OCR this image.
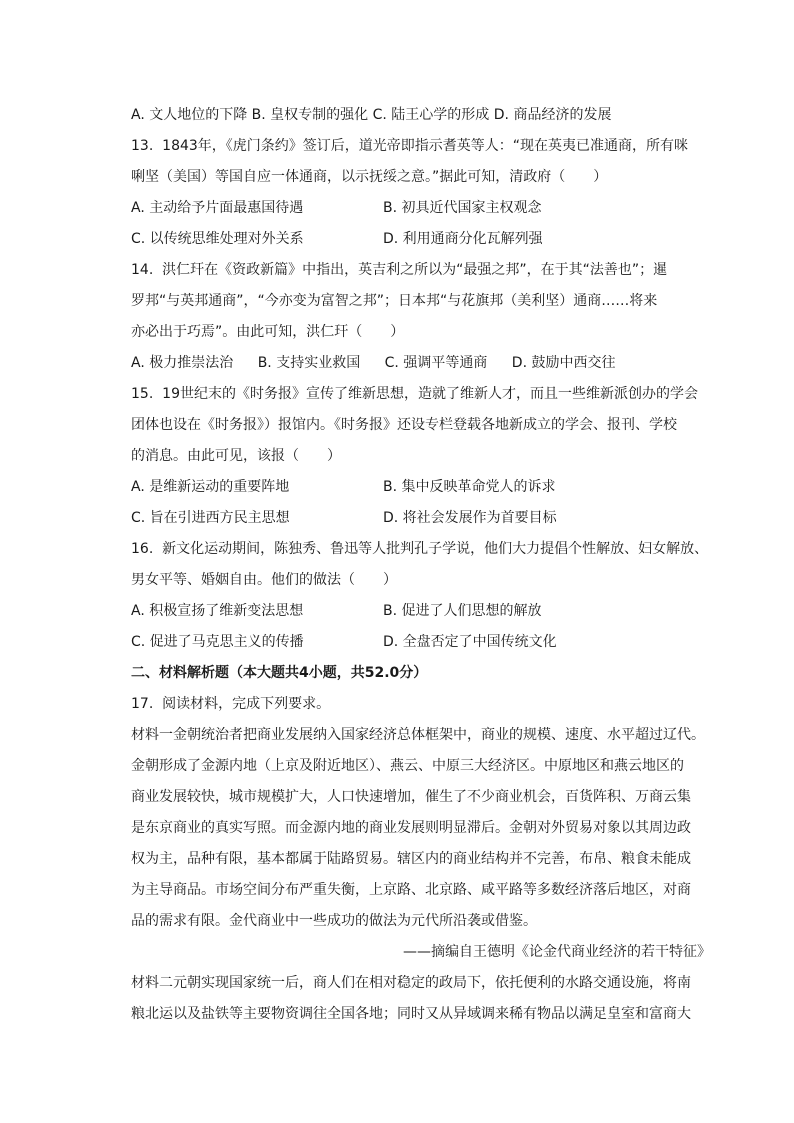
A. 文人地位的下降 B. 皇权专制的强化 C. 陆王心学的形成 D. 商品经济的发展
13.  1843年，《虎门条约》签订后，道光帝即指示耆英等人：“现在英夷已准通商，所有咪
唎坚（美国）等国自应一体通商，以示抚绥之意。”据此可知，清政府（　　）
A. 主动给予片面最惠国待遇	B. 初具近代国家主权观念
C. 以传统思维处理对外关系	D. 利用通商分化瓦解列强
14.  洪仁玕在《资政新篇》中指出，英吉利之所以为“最强之邦”，在于其“法善也”；暹
罗邦“与英邦通商”，“今亦变为富智之邦”；日本邦“与花旗邦（美利坚）通商……将来
亦必出于巧焉”。由此可知，洪仁玕（　　）
A. 极力推崇法治 B. 支持实业救国 C. 强调平等通商 D. 鼓励中西交往
15.  19世纪末的《时务报》宣传了维新思想，造就了维新人才，而且一些维新派创办的学会
团体也设在《时务报》）报馆内。《时务报》还设专栏登载各地新成立的学会、报刊、学校
的消息。由此可见，该报（　　）
A. 是维新运动的重要阵地	B. 集中反映革命党人的诉求
C. 旨在引进西方民主思想	D. 将社会发展作为首要目标
16.  新文化运动期间，陈独秀、鲁迅等人批判孔子学说，他们大力提倡个性解放、妇女解放、
男女平等、婚姻自由。他们的做法（　　）
A. 积极宣扬了维新变法思想	B. 促进了人们思想的解放
C. 促进了马克思主义的传播	D. 全盘否定了中国传统文化
二、材料解析题（本大题共4小题，共52.0分）
17.  阅读材料，完成下列要求。
材料一金朝统治者把商业发展纳入国家经济总体框架中，商业的规模、速度、水平超过辽代。
金朝形成了金源内地（上京及附近地区）、燕云、中原三大经济区。中原地区和燕云地区的
商业发展较快，城市规模扩大，人口快速增加，催生了不少商业机会，百货阵积、万商云集
是东京商业的真实写照。而金源内地的商业发展则明显滞后。金朝对外贸易对象以其周边政
权为主，品种有限，基本都属于陆路贸易。辖区内的商业结构并不完善，布帛、粮食未能成
为主导商品。市场空间分布严重失衡，上京路、北京路、咸平路等多数经济落后地区，对商
品的需求有限。金代商业中一些成功的做法为元代所沿袭或借鉴。
——摘编自王德明《论金代商业经济的若干特征》
材料二元朝实现国家统一后，商人们在相对稳定的政局下，依托便利的水路交通设施，将南
粮北运以及盐铁等主要物资调往全国各地；同时又从异域调来稀有物品以满足皇室和富商大
